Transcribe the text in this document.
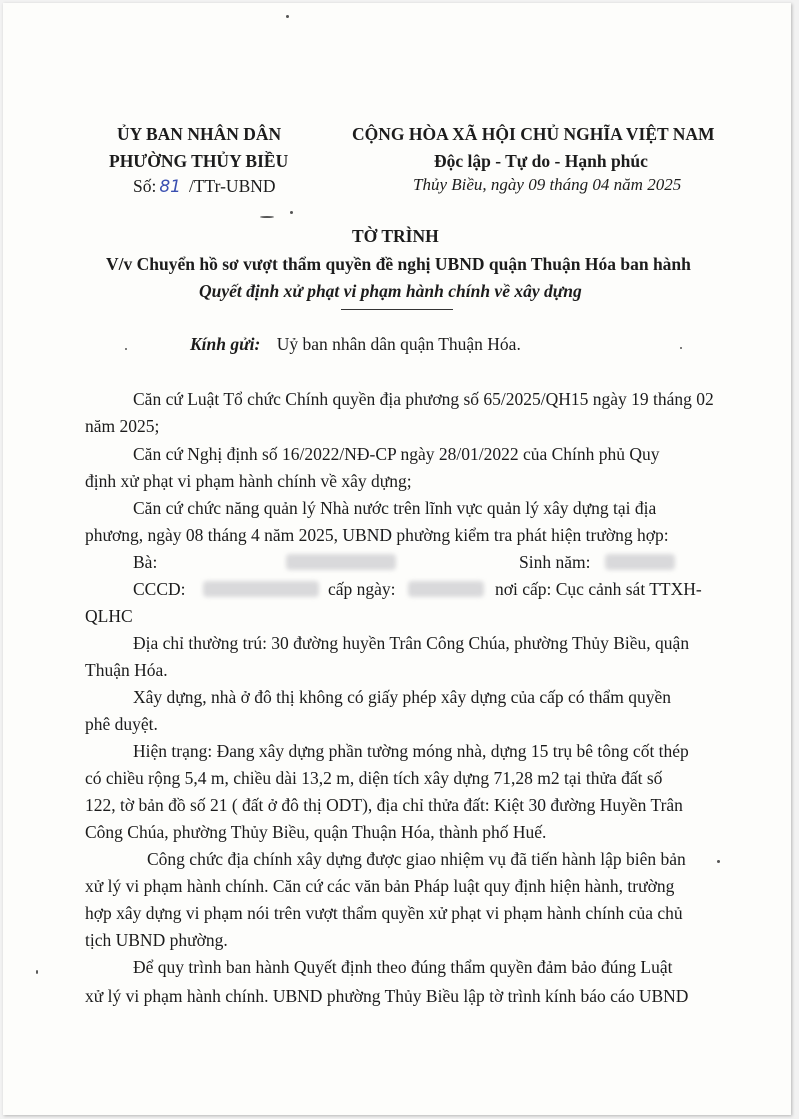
ỦY BAN NHÂN DÂN
PHƯỜNG THỦY BIỀU
Số: 81 /TTr-UBND
CỘNG HÒA XÃ HỘI CHỦ NGHĨA VIỆT NAM
Độc lập - Tự do - Hạnh phúc
Thủy Biều, ngày 09 tháng 04 năm 2025
TỜ TRÌNH
V/v Chuyển hồ sơ vượt thẩm quyền đề nghị UBND quận Thuận Hóa ban hành
Quyết định xử phạt vi phạm hành chính về xây dựng
Kính gửi: Uỷ ban nhân dân quận Thuận Hóa.
Căn cứ Luật Tổ chức Chính quyền địa phương số 65/2025/QH15 ngày 19 tháng 02
năm 2025;
Căn cứ Nghị định số 16/2022/NĐ-CP ngày 28/01/2022 của Chính phủ Quy
định xử phạt vi phạm hành chính về xây dựng;
Căn cứ chức năng quản lý Nhà nước trên lĩnh vực quản lý xây dựng tại địa
phương, ngày 08 tháng 4 năm 2025, UBND phường kiểm tra phát hiện trường hợp:
Bà:	Sinh năm:
CCCD:	cấp ngày:	nơi cấp: Cục cảnh sát TTXH-
QLHC
Địa chỉ thường trú: 30 đường huyền Trân Công Chúa, phường Thủy Biều, quận
Thuận Hóa.
Xây dựng, nhà ở đô thị không có giấy phép xây dựng của cấp có thẩm quyền
phê duyệt.
Hiện trạng: Đang xây dựng phần tường móng nhà, dựng 15 trụ bê tông cốt thép
có chiều rộng 5,4 m, chiều dài 13,2 m, diện tích xây dựng 71,28 m2 tại thửa đất số
122, tờ bản đồ số 21 ( đất ở đô thị ODT), địa chỉ thửa đất: Kiệt 30 đường Huyền Trân
Công Chúa, phường Thủy Biều, quận Thuận Hóa, thành phố Huế.
Công chức địa chính xây dựng được giao nhiệm vụ đã tiến hành lập biên bản
xử lý vi phạm hành chính. Căn cứ các văn bản Pháp luật quy định hiện hành, trường
hợp xây dựng vi phạm nói trên vượt thẩm quyền xử phạt vi phạm hành chính của chủ
tịch UBND phường.
Để quy trình ban hành Quyết định theo đúng thẩm quyền đảm bảo đúng Luật
xử lý vi phạm hành chính. UBND phường Thủy Biều lập tờ trình kính báo cáo UBND
